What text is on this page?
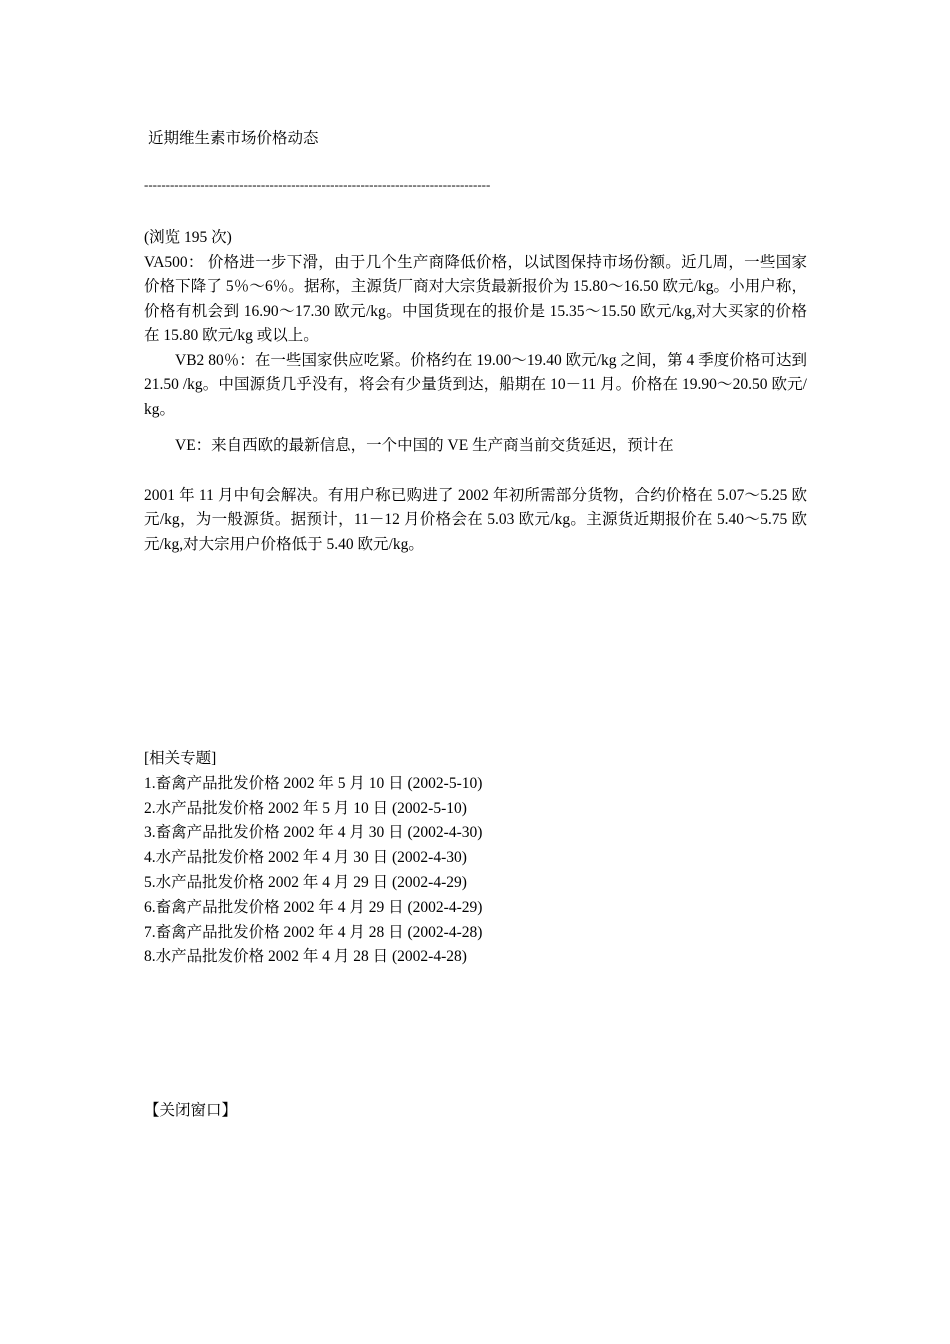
近期维生素市场价格动态
--------------------------------------------------------------------------------

(浏览 195 次)

VA500： 价格进一步下滑，由于几个生产商降低价格，以试图保持市场份额。近几周，一些国家价格下降了 5％～6％。据称，主源货厂商对大宗货最新报价为 15.80～16.50 欧元/kg。小用户称，价格有机会到 16.90～17.30 欧元/kg。中国货现在的报价是 15.35～15.50 欧元/kg,对大买家的价格在 15.80 欧元/kg 或以上。

VB2 80％：在一些国家供应吃紧。价格约在 19.00～19.40 欧元/kg 之间，第 4 季度价格可达到 21.50 /kg。中国源货几乎没有，将会有少量货到达，船期在 10－11 月。价格在 19.90～20.50 欧元/ kg。

VE：来自西欧的最新信息，一个中国的 VE 生产商当前交货延迟，预计在

2001 年 11 月中旬会解决。有用户称已购进了 2002 年初所需部分货物，合约价格在 5.07～5.25 欧元/kg，为一般源货。据预计，11－12 月价格会在 5.03 欧元/kg。主源货近期报价在 5.40～5.75 欧元/kg,对大宗用户价格低于 5.40 欧元/kg。

[相关专题]
1.畜禽产品批发价格 2002 年 5 月 10 日 (2002-5-10)
2.水产品批发价格 2002 年 5 月 10 日 (2002-5-10)
3.畜禽产品批发价格 2002 年 4 月 30 日 (2002-4-30)
4.水产品批发价格 2002 年 4 月 30 日 (2002-4-30)
5.水产品批发价格 2002 年 4 月 29 日 (2002-4-29)
6.畜禽产品批发价格 2002 年 4 月 29 日 (2002-4-29)
7.畜禽产品批发价格 2002 年 4 月 28 日 (2002-4-28)
8.水产品批发价格 2002 年 4 月 28 日 (2002-4-28)
【关闭窗口】
